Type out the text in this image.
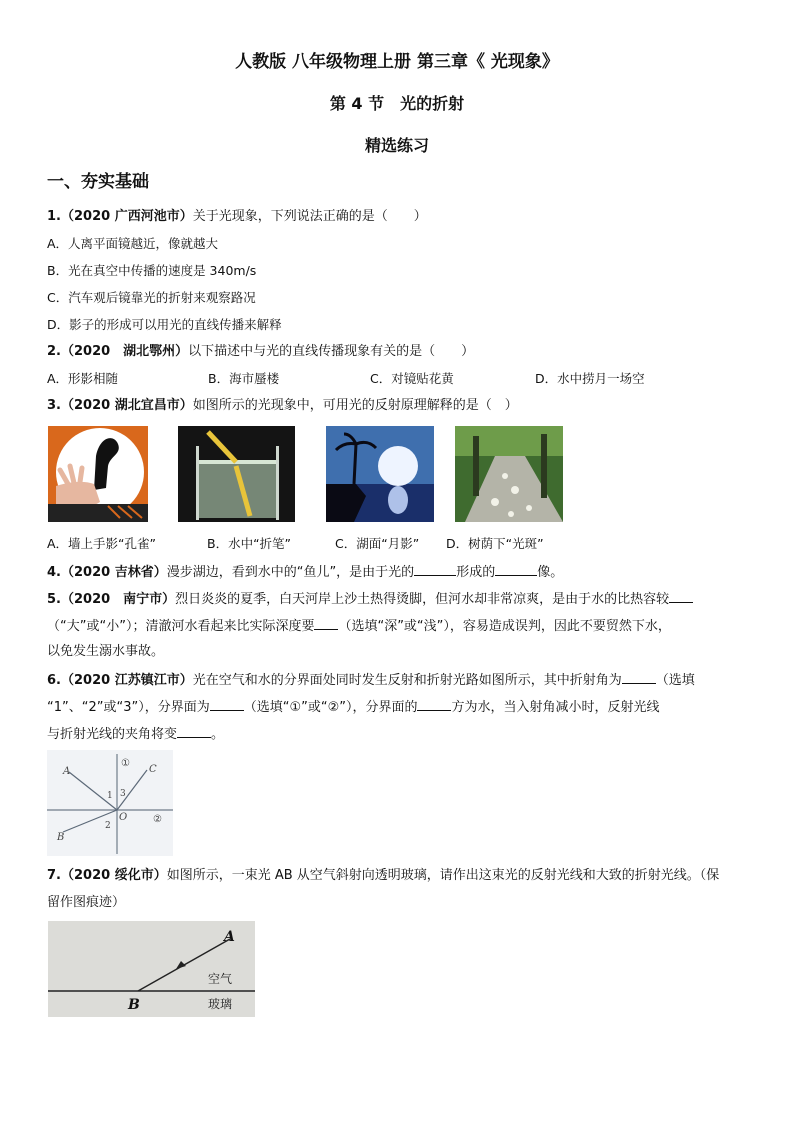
人教版 八年级物理上册 第三章《 光现象》
第 4 节　光的折射
精选练习
一、夯实基础
1.（2020 广西河池市）关于光现象，下列说法正确的是（　　）
A．人离平面镜越近，像就越大
B．光在真空中传播的速度是 340m/s
C．汽车观后镜靠光的折射来观察路况
D．影子的形成可以用光的直线传播来解释
2.（2020　湖北鄂州）以下描述中与光的直线传播现象有关的是（　　）
A．形影相随	B．海市蜃楼	C．对镜贴花黄	D．水中捞月一场空
3.（2020 湖北宜昌市）如图所示的光现象中，可用光的反射原理解释的是（　）
A．墙上手影“孔雀”	B．水中“折笔”	C．湖面“月影” D．树荫下“光斑”
4.（2020 吉林省）漫步湖边，看到水中的“鱼儿”，是由于光的	形成的	像。
5.（2020　南宁市）烈日炎炎的夏季，白天河岸上沙土热得烫脚，但河水却非常凉爽，是由于水的比热容较
（“大”或“小”）；清澈河水看起来比实际深度要 （选填“深”或“浅”），容易造成误判，因此不要贸然下水，
以免发生溺水事故。
6.（2020 江苏镇江市）光在空气和水的分界面处同时发生反射和折射光路如图所示，其中折射角为	（选填
“1”、“2”或“3”），分界面为	（选填“①”或“②”），分界面的	方为水，当入射角减小时，反射光线
与折射光线的夹角将变	。
A	C
B
O
1
2
3
①
②
7.（2020 绥化市）如图所示，一束光 AB 从空气斜射向透明玻璃，请作出这束光的反射光线和大致的折射光线。（保
留作图痕迹）
A
B
空气
玻璃
